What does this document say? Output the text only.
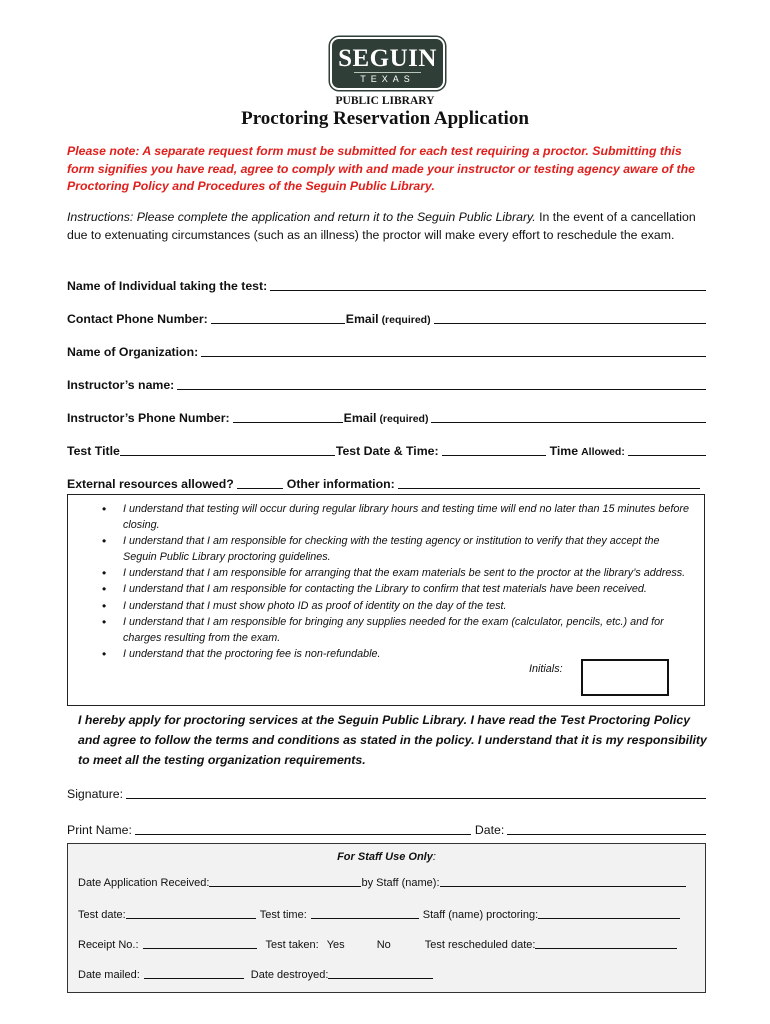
SEGUIN
TEXAS
PUBLIC LIBRARY
Proctoring Reservation Application
Please note: A separate request form must be submitted for each test requiring a proctor. Submitting this form signifies you have read, agree to comply with and made your instructor or testing agency aware of the Proctoring Policy and Procedures of the Seguin Public Library.
Instructions: Please complete the application and return it to the Seguin Public Library. In the event of a cancellation due to extenuating circumstances (such as an illness) the proctor will make every effort to reschedule the exam.
Name of Individual taking the test:
Contact Phone Number:	Email (required)
Name of Organization:
Instructor’s name:
Instructor’s Phone Number:	Email (required)
Test Title	Test Date & Time:	Time Allowed:
External resources allowed?	Other information:
• I understand that testing will occur during regular library hours and testing time will end no later than 15 minutes before closing.
• I understand that I am responsible for checking with the testing agency or institution to verify that they accept the Seguin Public Library proctoring guidelines.
• I understand that I am responsible for arranging that the exam materials be sent to the proctor at the library’s address.
• I understand that I am responsible for contacting the Library to confirm that test materials have been received.
• I understand that I must show photo ID as proof of identity on the day of the test.
• I understand that I am responsible for bringing any supplies needed for the exam (calculator, pencils, etc.) and for charges resulting from the exam.
• I understand that the proctoring fee is non-refundable.
Initials:
I hereby apply for proctoring services at the Seguin Public Library. I have read the Test Proctoring Policy and agree to follow the terms and conditions as stated in the policy. I understand that it is my responsibility to meet all the testing organization requirements.
Signature:
Print Name:	Date:
For Staff Use Only:
Date Application Received:	by Staff (name):
Test date:	Test time:	Staff (name) proctoring:
Receipt No.:	Test taken: Yes	No	Test rescheduled date:
Date mailed:	Date destroyed:
